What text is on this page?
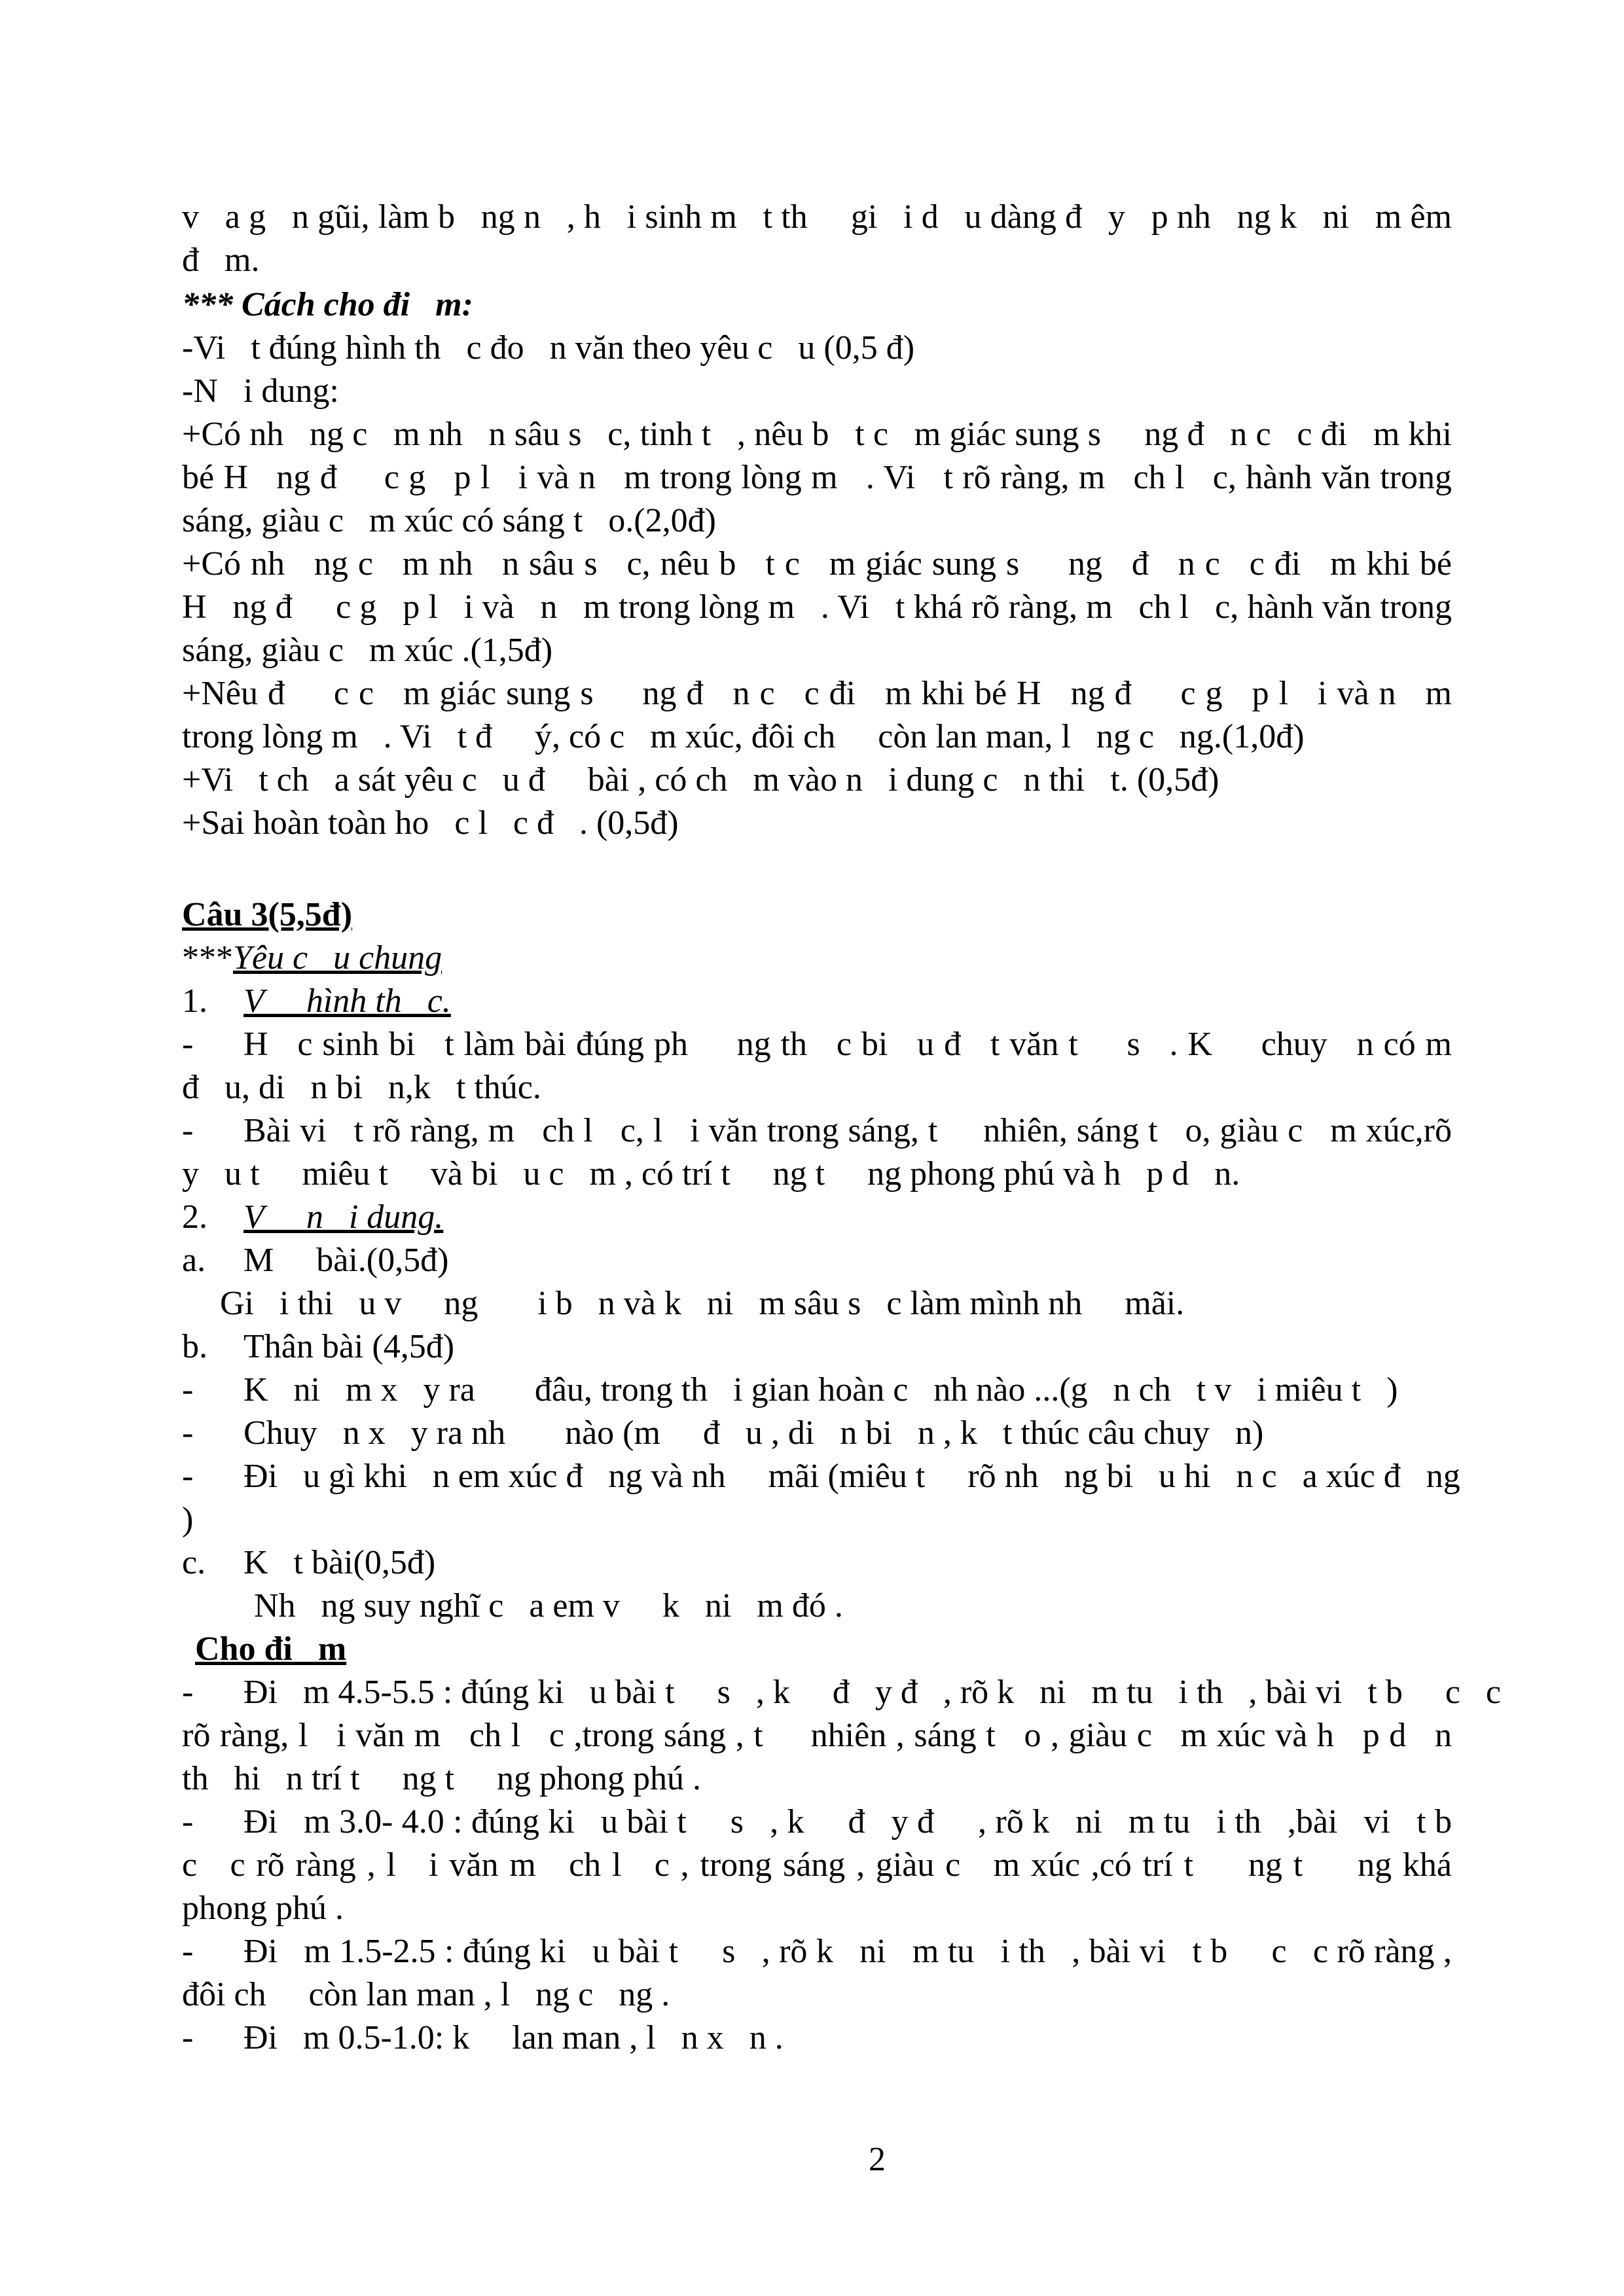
v   a g   n gũi, làm b   ng n   , h   i sinh m   t th     gi   i d   u dàng đ   y   p nh   ng k   ni   m êm
đ   m.
*** Cách cho đi   m:
-Vi   t đúng hình th   c đo   n văn theo yêu c   u (0,5 đ)
-N   i dung:
+Có nh   ng c   m nh   n sâu s   c, tinh t   , nêu b   t c   m giác sung s     ng đ   n c   c đi   m khi
bé H   ng đ     c g   p l   i và n   m trong lòng m   . Vi   t rõ ràng, m   ch l   c, hành văn trong
sáng, giàu c   m xúc có sáng t   o.(2,0đ)
+Có nh   ng c   m nh   n sâu s   c, nêu b   t c   m giác sung s     ng   đ   n c   c đi   m khi bé
H   ng đ     c g   p l   i và   n   m trong lòng m   . Vi   t khá rõ ràng, m   ch l   c, hành văn trong
sáng, giàu c   m xúc .(1,5đ)
+Nêu đ     c c   m giác sung s     ng đ   n c   c đi   m khi bé H   ng đ     c g   p l   i và n   m
trong lòng m   . Vi   t đ     ý, có c   m xúc, đôi ch     còn lan man, l   ng c   ng.(1,0đ)
+Vi   t ch   a sát yêu c   u đ     bài , có ch   m vào n   i dung c   n thi   t. (0,5đ)
+Sai hoàn toàn ho   c l   c đ   . (0,5đ)
Câu 3(5,5đ)
***Yêu c   u chung
1. V     hình th   c.
- H   c sinh bi   t làm bài đúng ph     ng th   c bi   u đ   t văn t     s   . K     chuy   n có m
đ   u, di   n bi   n,k   t thúc.
- Bài vi   t rõ ràng, m   ch l   c, l   i văn trong sáng, t     nhiên, sáng t   o, giàu c   m xúc,rõ
y   u t     miêu t     và bi   u c   m , có trí t     ng t     ng phong phú và h   p d   n.
2. V     n   i dung.
a. M     bài.(0,5đ)
Gi   i thi   u v     ng       i b   n và k   ni   m sâu s   c làm mình nh     mãi.
b. Thân bài (4,5đ)
- K   ni   m x   y ra       đâu, trong th   i gian hoàn c   nh nào ...(g   n ch   t v   i miêu t   )
- Chuy   n x   y ra nh       nào (m     đ   u , di   n bi   n , k   t thúc câu chuy   n)
- Đi   u gì khi   n em xúc đ   ng và nh     mãi (miêu t     rõ nh   ng bi   u hi   n c   a xúc đ   ng
)
c. K   t bài(0,5đ)
Nh   ng suy nghĩ c   a em v     k   ni   m đó .
Cho đi   m
- Đi   m 4.5-5.5 : đúng ki   u bài t     s   , k     đ   y đ   , rõ k   ni   m tu   i th   , bài vi   t b     c   c
rõ ràng, l   i văn m   ch l   c ,trong sáng , t     nhiên , sáng t   o , giàu c   m xúc và h   p d   n
th   hi   n trí t     ng t     ng phong phú .
- Đi   m 3.0- 4.0 : đúng ki   u bài t     s   , k     đ   y đ     , rõ k   ni   m tu   i th   ,bài   vi   t b
c   c rõ ràng , l   i văn m   ch l   c , trong sáng , giàu c   m xúc ,có trí t     ng t     ng khá
phong phú .
- Đi   m 1.5-2.5 : đúng ki   u bài t     s   , rõ k   ni   m tu   i th   , bài vi   t b     c   c rõ ràng ,
đôi ch     còn lan man , l   ng c   ng .
- Đi   m 0.5-1.0: k     lan man , l   n x   n .
2
